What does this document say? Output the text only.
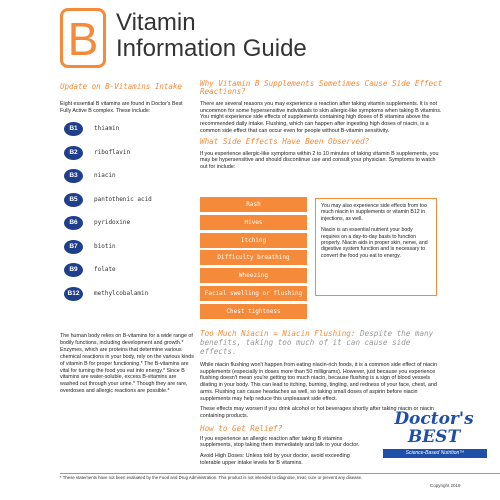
B Vitamin
Information Guide
Update on B-Vitamins Intake
Eight essential B vitamins are found in Doctor's Best Fully Active B complex. These include:
B1	thiamin
B2	riboflavin
B3	niacin
B5	pantothenic acid
B6	pyridoxine
B7	biotin
B9	folate
B12	methylcobalamin
The human body relies on B-vitamins for a wide range of bodily functions, including development and growth.* Enzymes, which are proteins that determine various chemical reactions in your body, rely on the various kinds of vitamin B for proper functioning.* The B-vitamins are vital for turning the food you eat into energy.* Since B vitamins are water-soluble, excess B-vitamins are washed out through your urine.* Though they are rare, overdoses and allergic reactions are possible.*
Why Vitamin B Supplements Sometimes Cause Side Effect Reactions?
There are several reasons you may experience a reaction after taking vitamin supplements. It is not uncommon for some hypersensitive individuals to skin allergic-like symptoms when taking B vitamins. You might experience side effects of supplements containing high doses of B vitamins above the recommended daily intake. Flushing, which can happen after ingesting high doses of niacin, is a common side effect that can occur even for people without B-vitamin sensitivity.
What Side Effects Have Been Observed?
If you experience allergic-like symptoms within 2 to 10 minutes of taking vitamin B supplements, you may be hypersensitive and should discontinue use and consult your physician. Symptoms to watch out for include:
Rash
Hives
Itching
Difficulty breathing
Wheezing
Facial swelling or flushing
Chest tightness

You may also experience side effects from too much niacin in supplements or vitamin B12 in injections, as well.

Niacin is an essential nutrient your body requires on a day-to-day basis to function properly. Niacin aids in proper skin, nerve, and digestive system function and is necessary to convert the food you eat to energy.

Too Much Niacin = Niacin Flushing: Despite the many benefits, taking too much of it can cause side effects.
While niacin flushing won't happen from eating niacin-rich foods, it is a common side effect of niacin supplements (especially in doses more than 50 milligrams). However, just because you experience flushing doesn't mean you're getting too much niacin, because flushing is a sign of blood vessels dilating in your body. This can lead to itching, burning, tingling, and redness of your face, chest, and arms. Flushing can cause headaches as well, so taking small doses of aspirin before niacin supplements may help reduce this unpleasant side effect.
These effects may worsen if you drink alcohol or hot beverages shortly after taking niacin or niacin containing products.
How to Get Relief?
If you experience an allergic reaction after taking B vitamins supplements, stop taking them immediately and talk to your doctor.
Avoid High Doses: Unless told by your doctor, avoid exceeding tolerable upper intake levels for B vitamins.
Doctor's
BEST
Science-Based Nutrition™
Copyright 2019
* These statements have not been evaluated by the Food and Drug Administration. This product is not intended to diagnose, treat, cure or prevent any disease.
